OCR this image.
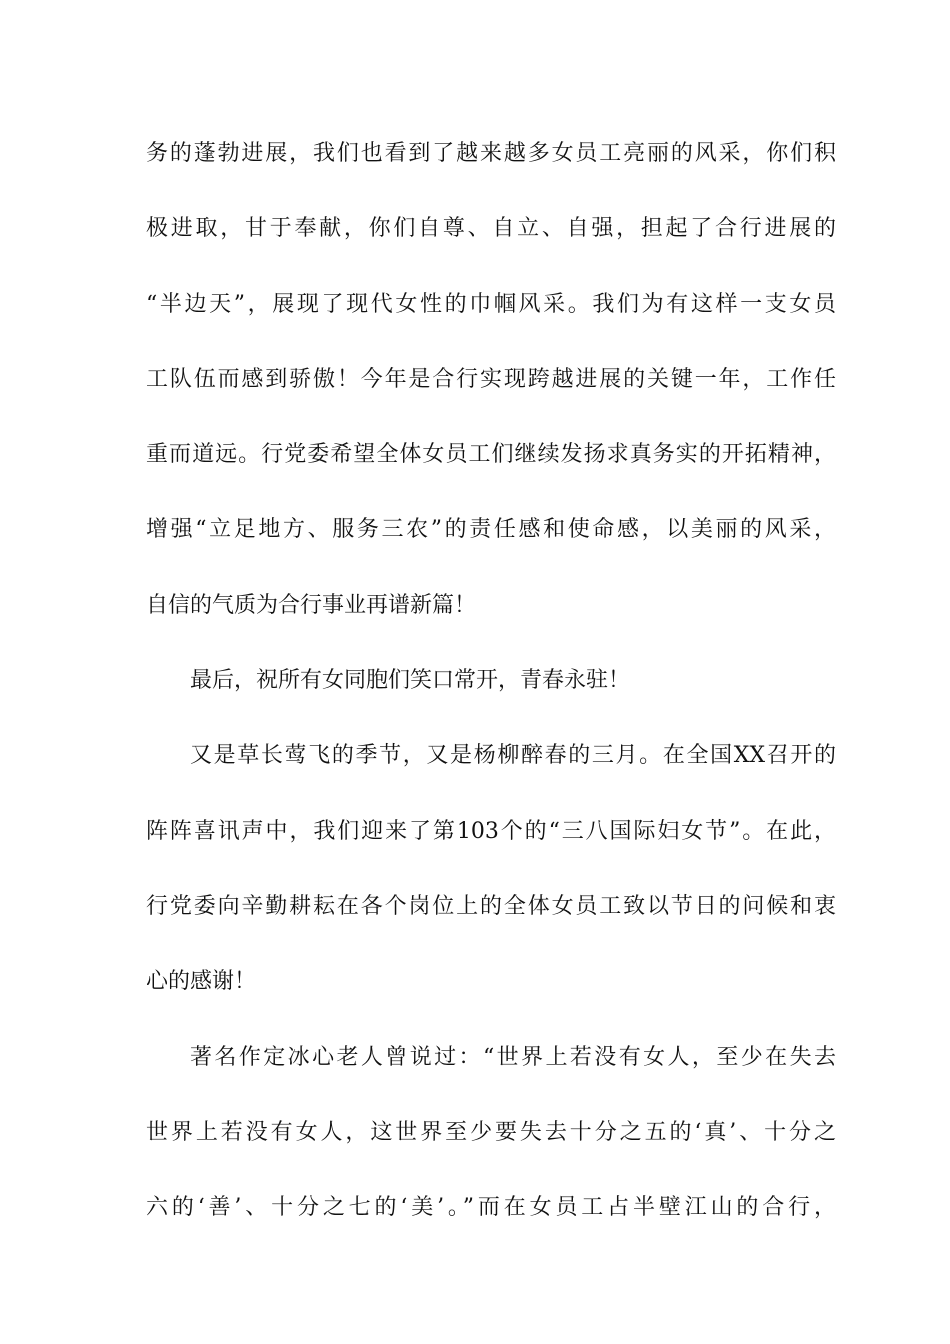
务的蓬勃进展，我们也看到了越来越多女员工亮丽的风采，你们积
极进取，甘于奉献，你们自尊、自立、自强，担起了合行进展的
“半边天”，展现了现代女性的巾帼风采。我们为有这样一支女员
工队伍而感到骄傲！今年是合行实现跨越进展的关键一年，工作任
重而道远。行党委希望全体女员工们继续发扬求真务实的开拓精神，
增强“立足地方、服务三农”的责任感和使命感，以美丽的风采，
自信的气质为合行事业再谱新篇！
最后，祝所有女同胞们笑口常开，青春永驻！
又是草长莺飞的季节，又是杨柳醉春的三月。在全国XX召开的
阵阵喜讯声中，我们迎来了第103个的“三八国际妇女节”。在此，
行党委向辛勤耕耘在各个岗位上的全体女员工致以节日的问候和衷
心的感谢！
著名作定冰心老人曾说过：“世界上若没有女人，至少在失去
世界上若没有女人，这世界至少要失去十分之五的‘真’、十分之
六的‘善’、十分之七的‘美’。”而在女员工占半壁江山的合行，
